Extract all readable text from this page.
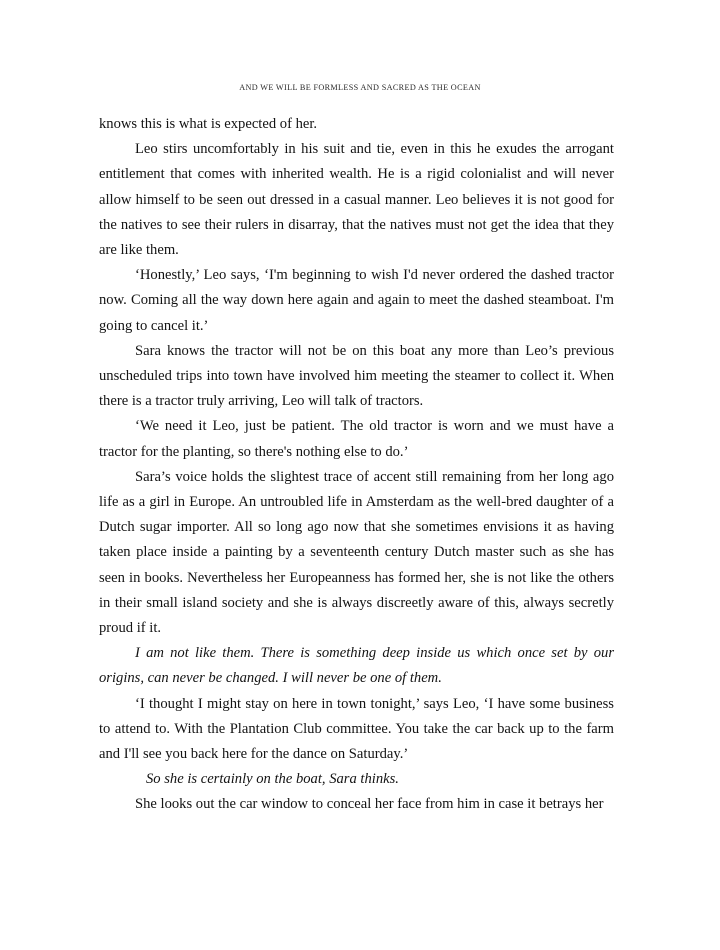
AND WE WILL BE FORMLESS AND SACRED AS THE OCEAN

knows this is what is expected of her.

Leo stirs uncomfortably in his suit and tie, even in this he exudes the arrogant entitlement that comes with inherited wealth. He is a rigid colonialist and will never allow himself to be seen out dressed in a casual manner. Leo believes it is not good for the natives to see their rulers in disarray, that the natives must not get the idea that they are like them.

‘Honestly,’ Leo says, ‘I'm beginning to wish I'd never ordered the dashed tractor now. Coming all the way down here again and again to meet the dashed steamboat. I'm going to cancel it.’

Sara knows the tractor will not be on this boat any more than Leo’s previous unscheduled trips into town have involved him meeting the steamer to collect it. When there is a tractor truly arriving, Leo will talk of tractors.

‘We need it Leo, just be patient. The old tractor is worn and we must have a tractor for the planting, so there's nothing else to do.’

Sara’s voice holds the slightest trace of accent still remaining from her long ago life as a girl in Europe. An untroubled life in Amsterdam as the well-bred daughter of a Dutch sugar importer. All so long ago now that she sometimes envisions it as having taken place inside a painting by a seventeenth century Dutch master such as she has seen in books. Nevertheless her Europeanness has formed her, she is not like the others in their small island society and she is always discreetly aware of this, always secretly proud if it.

I am not like them. There is something deep inside us which once set by our origins, can never be changed. I will never be one of them.

‘I thought I might stay on here in town tonight,’ says Leo, ‘I have some business to attend to. With the Plantation Club committee. You take the car back up to the farm and I'll see you back here for the dance on Saturday.’

So she is certainly on the boat, Sara thinks.

She looks out the car window to conceal her face from him in case it betrays her
